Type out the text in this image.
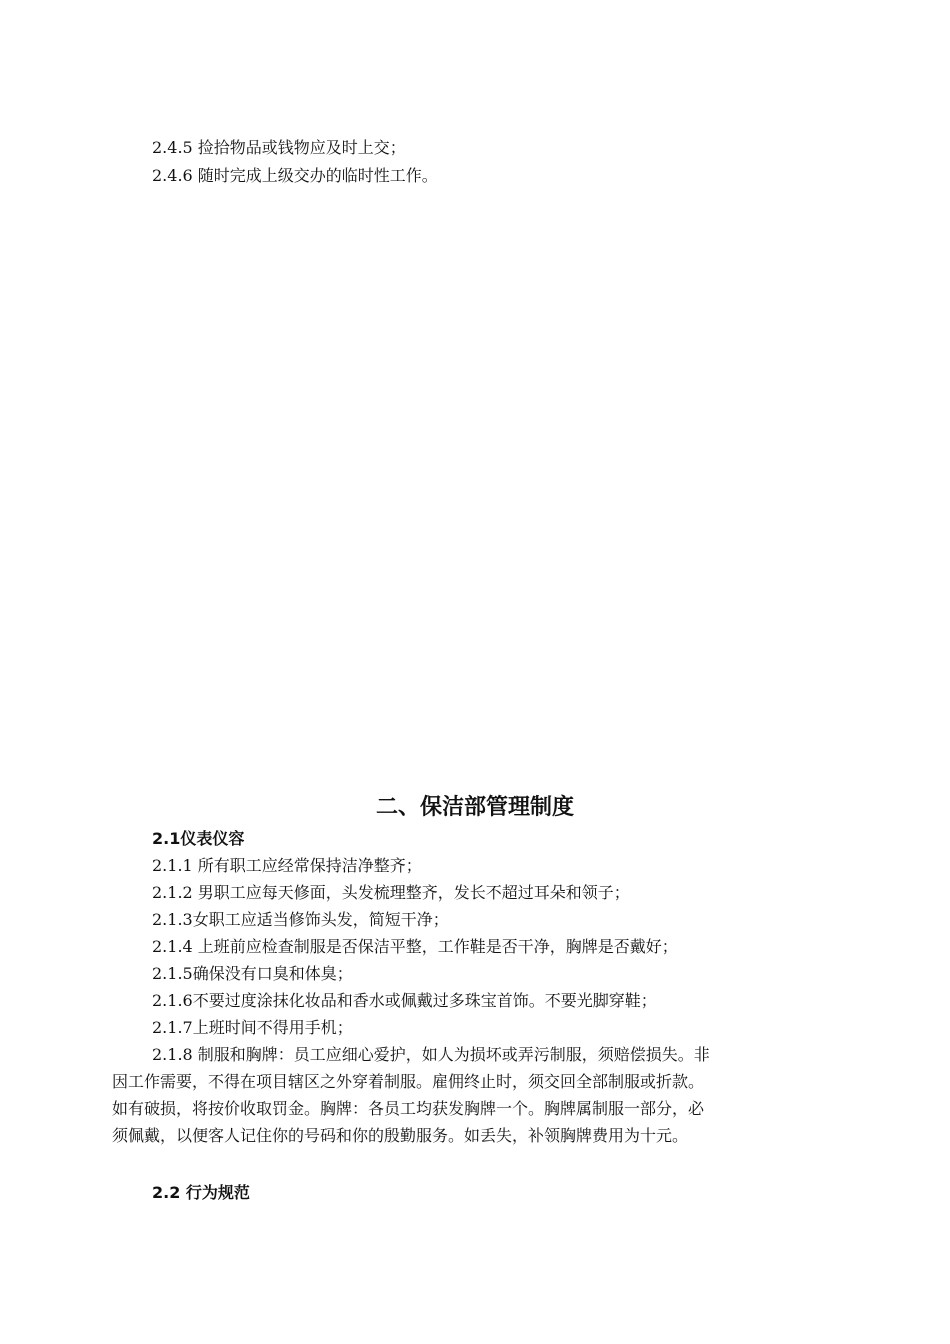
2.4.5 捡拾物品或钱物应及时上交；
2.4.6 随时完成上级交办的临时性工作。
二、保洁部管理制度
2.1仪表仪容
2.1.1 所有职工应经常保持洁净整齐；
2.1.2 男职工应每天修面，头发梳理整齐，发长不超过耳朵和领子；
2.1.3女职工应适当修饰头发，简短干净；
2.1.4 上班前应检查制服是否保洁平整，工作鞋是否干净，胸牌是否戴好；
2.1.5确保没有口臭和体臭；
2.1.6不要过度涂抹化妆品和香水或佩戴过多珠宝首饰。不要光脚穿鞋；
2.1.7上班时间不得用手机；
2.1.8 制服和胸牌：员工应细心爱护，如人为损坏或弄污制服，须赔偿损失。非
因工作需要，不得在项目辖区之外穿着制服。雇佣终止时，须交回全部制服或折款。
如有破损，将按价收取罚金。胸牌：各员工均获发胸牌一个。胸牌属制服一部分，必
须佩戴，以便客人记住你的号码和你的殷勤服务。如丢失，补领胸牌费用为十元。
2.2 行为规范
